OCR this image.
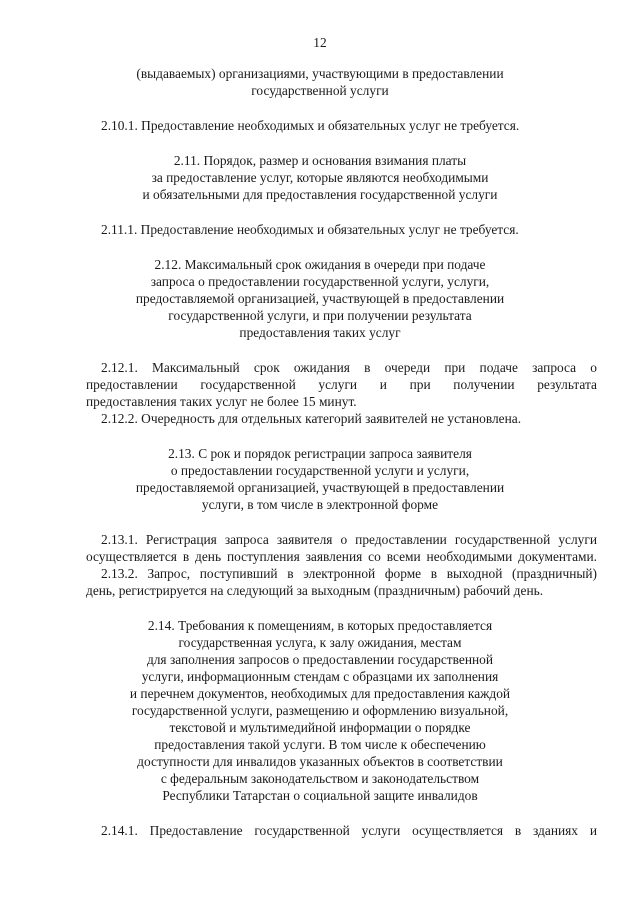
12
(выдаваемых) организациями, участвующими в предоставлении
государственной услуги
2.10.1. Предоставление необходимых и обязательных услуг не требуется.
2.11. Порядок, размер и основания взимания платы
за предоставление услуг, которые являются необходимыми
и обязательными для предоставления государственной услуги
2.11.1. Предоставление необходимых и обязательных услуг не требуется.
2.12. Максимальный срок ожидания в очереди при подаче
запроса о предоставлении государственной услуги, услуги,
предоставляемой организацией, участвующей в предоставлении
государственной услуги, и при получении результата
предоставления таких услуг
2.12.1. Максимальный срок ожидания в очереди при подаче запроса о
предоставлении государственной услуги и при получении результата
предоставления таких услуг не более 15 минут.
2.12.2. Очередность для отдельных категорий заявителей не установлена.
2.13. С рок и порядок регистрации запроса заявителя
о предоставлении государственной услуги и услуги,
предоставляемой организацией, участвующей в предоставлении
услуги, в том числе в электронной форме
2.13.1. Регистрация запроса заявителя о предоставлении государственной услуги
осуществляется в день поступления заявления со всеми необходимыми документами.
2.13.2. Запрос, поступивший в электронной форме в выходной (праздничный)
день, регистрируется на следующий за выходным (праздничным) рабочий день.
2.14. Требования к помещениям, в которых предоставляется
государственная услуга, к залу ожидания, местам
для заполнения запросов о предоставлении государственной
услуги, информационным стендам с образцами их заполнения
и перечнем документов, необходимых для предоставления каждой
государственной услуги, размещению и оформлению визуальной,
текстовой и мультимедийной информации о порядке
предоставления такой услуги. В том числе к обеспечению
доступности для инвалидов указанных объектов в соответствии
с федеральным законодательством и законодательством
Республики Татарстан о социальной защите инвалидов
2.14.1. Предоставление государственной услуги осуществляется в зданиях и
